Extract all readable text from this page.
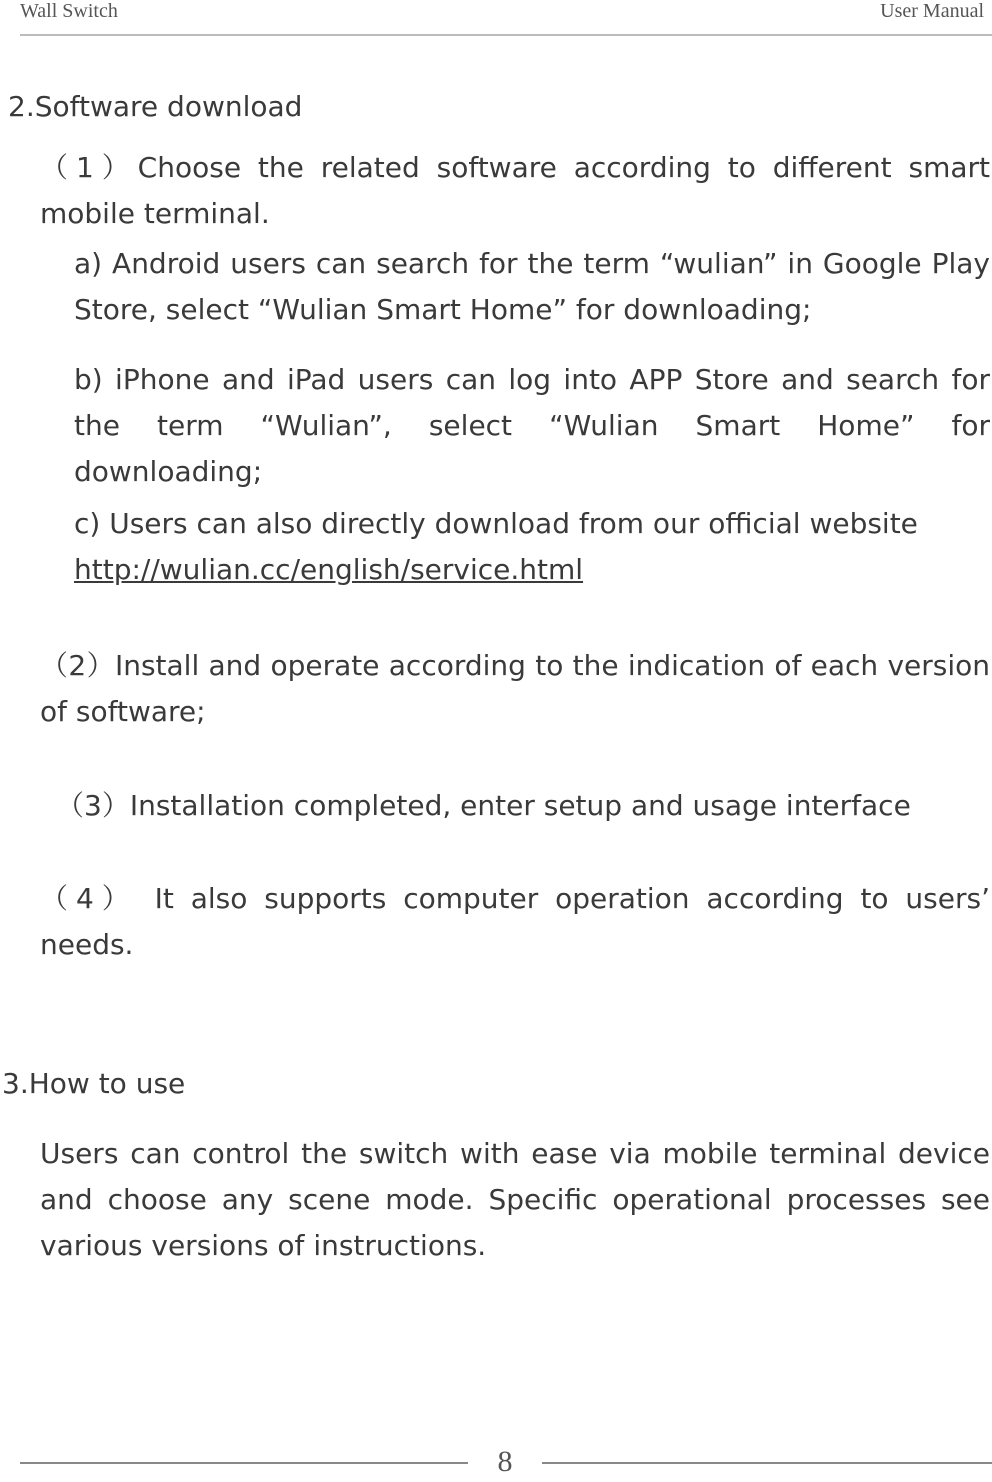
Wall Switch	User Manual
2.Software download
（1）Choose the related software according to different smart mobile terminal.
a) Android users can search for the term “wulian” in Google Play Store, select “Wulian Smart Home” for downloading;
b) iPhone and iPad users can log into APP Store and search for the term “Wulian”, select “Wulian Smart Home” for downloading;
c) Users can also directly download from our official website
http://wulian.cc/english/service.html
（2）Install and operate according to the indication of each version of software;
（3）Installation completed, enter setup and usage interface
（4） It also supports computer operation according to users’ needs.
3.How to use
Users can control the switch with ease via mobile terminal device and choose any scene mode. Specific operational processes see various versions of instructions.
8
